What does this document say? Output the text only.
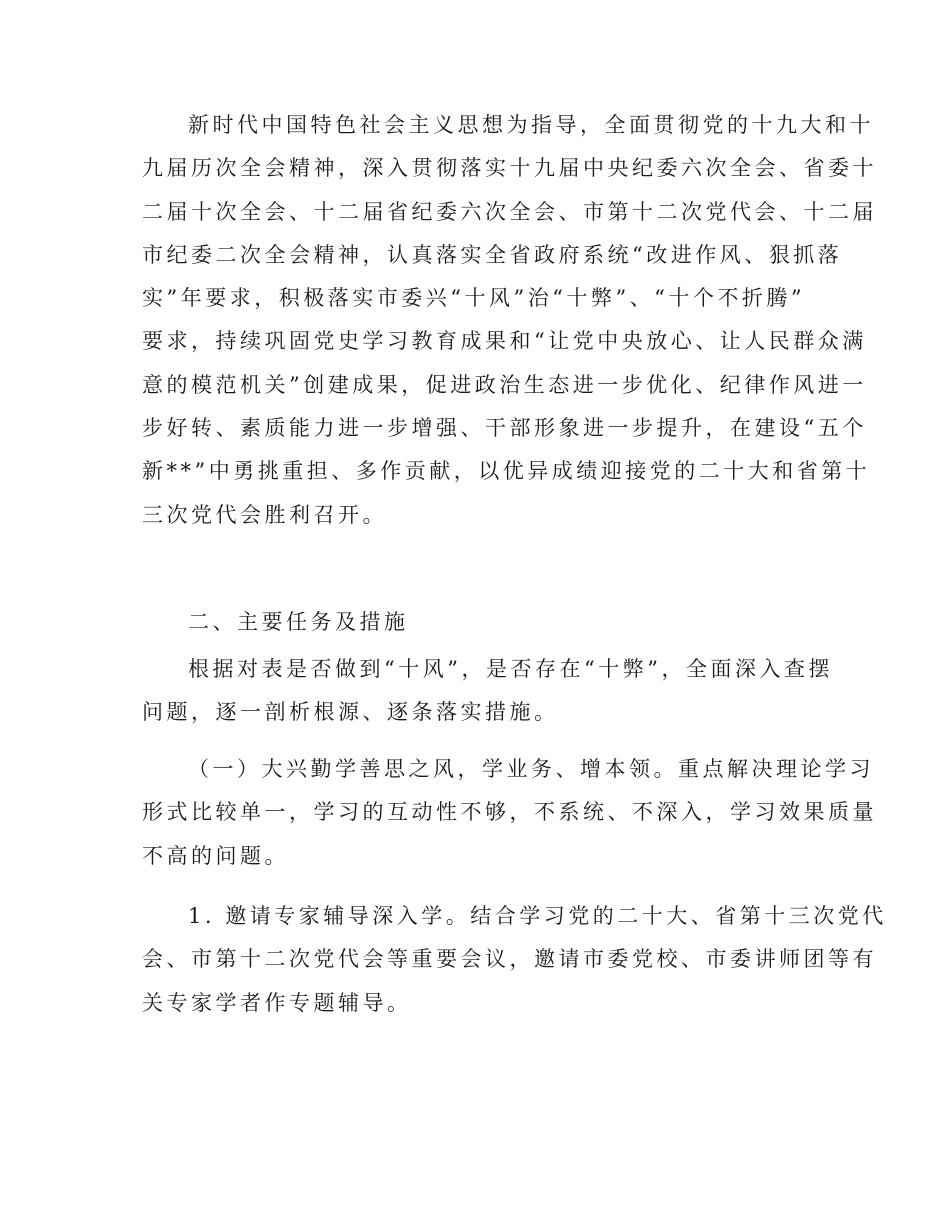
新时代中国特色社会主义思想为指导，全面贯彻党的十九大和十
九届历次全会精神，深入贯彻落实十九届中央纪委六次全会、省委十
二届十次全会、十二届省纪委六次全会、市第十二次党代会、十二届
市纪委二次全会精神，认真落实全省政府系统“改进作风、狠抓落
实”年要求，积极落实市委兴“十风”治“十弊”、“十个不折腾”
要求，持续巩固党史学习教育成果和“让党中央放心、让人民群众满
意的模范机关”创建成果，促进政治生态进一步优化、纪律作风进一
步好转、素质能力进一步增强、干部形象进一步提升，在建设“五个
新**”中勇挑重担、多作贡献，以优异成绩迎接党的二十大和省第十
三次党代会胜利召开。

二、主要任务及措施

根据对表是否做到“十风”，是否存在“十弊”，全面深入查摆
问题，逐一剖析根源、逐条落实措施。

（一）大兴勤学善思之风，学业务、增本领。重点解决理论学习
形式比较单一，学习的互动性不够，不系统、不深入，学习效果质量
不高的问题。

1. 邀请专家辅导深入学。结合学习党的二十大、省第十三次党代
会、市第十二次党代会等重要会议，邀请市委党校、市委讲师团等有
关专家学者作专题辅导。
